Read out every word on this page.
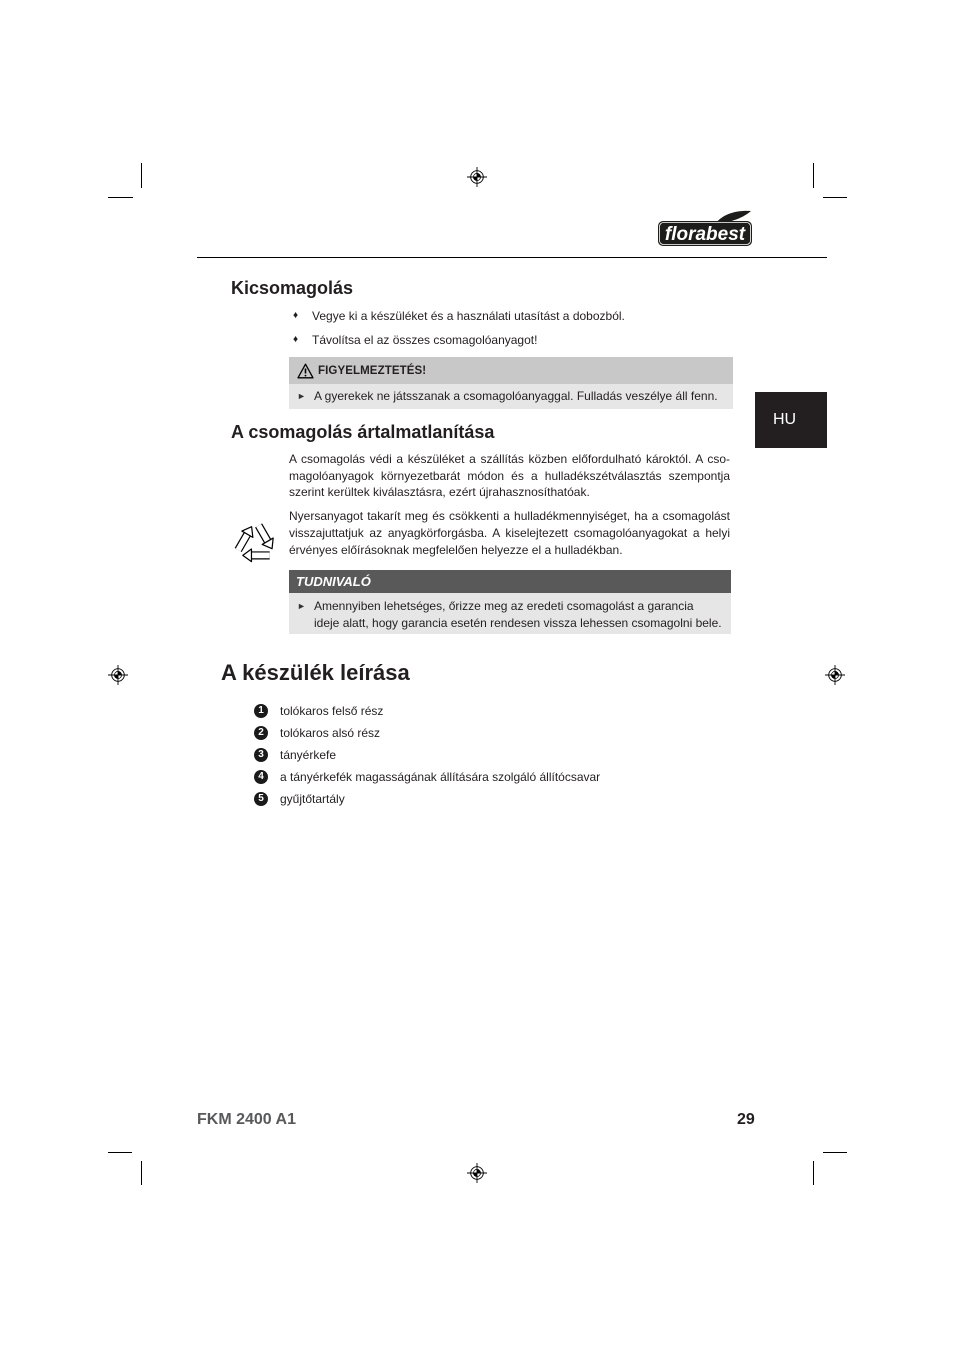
florabest
HU
Kicsomagolás
♦	Vegye ki a készüléket és a használati utasítást a dobozból.
♦	Távolítsa el az összes csomagolóanyagot!
FIGYELMEZTETÉS!
► A gyerekek ne játsszanak a csomagolóanyaggal. Fulladás veszélye áll fenn.
A csomagolás ártalmatlanítása
A csomagolás védi a készüléket a szállítás közben előfordulható károktól. A cso-
magolóanyagok környezetbarát módon és a hulladékszétválasztás szempontja
szerint kerültek kiválasztásra, ezért újrahasznosíthatóak.
Nyersanyagot takarít meg és csökkenti a hulladékmennyiséget, ha a csomagolást
visszajuttatjuk az anyagkörforgásba. A kiselejtezett csomagolóanyagokat a helyi
érvényes előírásoknak megfelelően helyezze el a hulladékban.
TUDNIVALÓ
► Amennyiben lehetséges, őrizze meg az eredeti csomagolást a garancia
ideje alatt, hogy garancia esetén rendesen vissza lehessen csomagolni bele.
A készülék leírása
1	tolókaros felső rész
2	tolókaros alsó rész
3	tányérkefe
4	a tányérkefék magasságának állítására szolgáló állítócsavar
5	gyűjtőtartály
FKM 2400 A1	29
